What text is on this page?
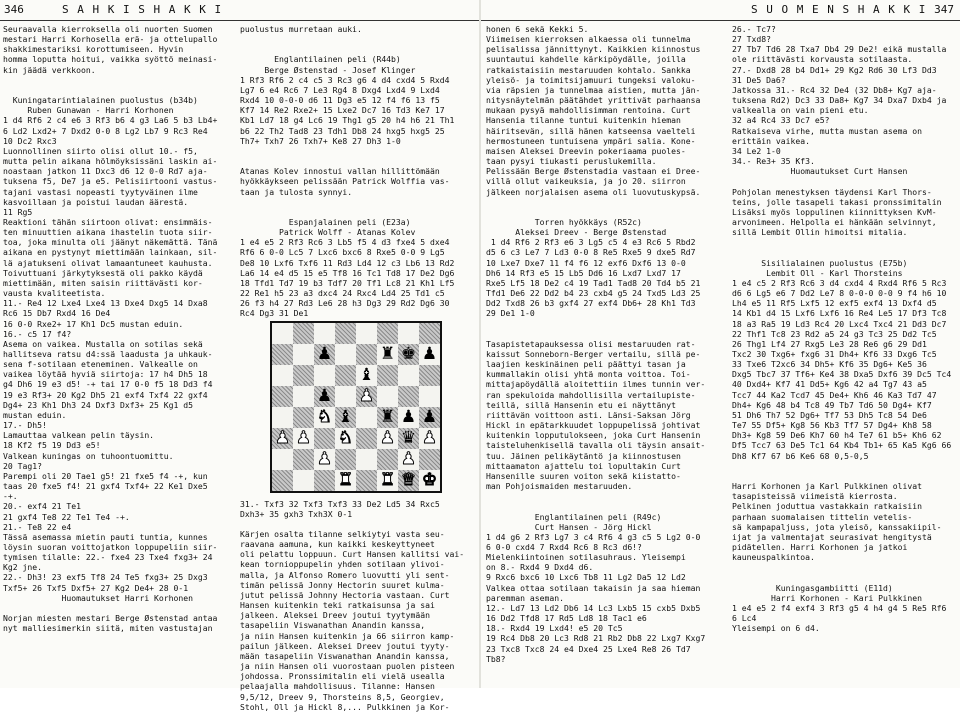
346	S A H K I S H A K K I

Seuraavalla kierroksella oli nuorten Suomen

mestari Harri Korhosella erä- ja ottelupallo

shakkimestariksi korottumiseen. Hyvin

homma loputta hoitui, vaikka syöttö meinasi-

kin jäädä verkkoon.

Kuningatarintialainen puolustus (b34b)

Ruben Gunawan - Harri Korhonen

1 d4 Rf6 2 c4 e6 3 Rf3 b6 4 g3 La6 5 b3 Lb4+

6 Ld2 Lxd2+ 7 Dxd2 0-0 8 Lg2 Lb7 9 Rc3 Re4

10 Dc2 Rxc3

Luonnollinen siirto olisi ollut 10.- f5,

mutta pelin aikana hölmöyksissäni laskin ai-

noastaan jatkon 11 Dxc3 d6 12 0-0 Rd7 aja-

tuksena f5, De7 ja e5. Pelisiirtooni vastus-

tajani vastasi nopeasti tyytyväinen ilme

kasvoillaan ja poistui laudan äärestä.

11 Rg5

Reaktioni tähän siirtoon olivat: ensimmäis-

ten minuuttien aikana ihastelin tuota siir-

toa, joka minulta oli jäänyt näkemättä. Tänä

aikana en pystynyt miettimään lainkaan, sil-

lä ajatukseni olivat lamaantuneet kauhusta.

Toivuttuani järkytyksestä oli pakko käydä

miettimään, miten saisin riittävästi kor-

vausta kvaliteetista.

11.- Re4 12 Lxe4 Lxe4 13 Dxe4 Dxg5 14 Dxa8

Rc6 15 Db7 Rxd4 16 De4

16 0-0 Rxe2+ 17 Kh1 Dc5 mustan eduin.

16.- c5 17 f4?

Asema on vaikea. Mustalla on sotilas sekä

hallitseva ratsu d4:ssä laadusta ja uhkauk-

sena f-sotilaan eteneminen. Valkealle on

vaikea löytää hyviä siirtoja: 17 h4 Dh5 18

g4 Dh6 19 e3 d5! -+ tai 17 0-0 f5 18 Dd3 f4

19 e3 Rf3+ 20 Kg2 Dh5 21 exf4 Txf4 22 gxf4

Dg4+ 23 Kh1 Dh3 24 Dxf3 Dxf3+ 25 Kg1 d5

mustan eduin.

17.- Dh5!

Lamauttaa valkean pelin täysin.

18 Kf2 f5 19 Dd3 e5!

Valkean kuningas on tuhoontuomittu.

20 Tag1?

Parempi oli 20 Tae1 g5! 21 fxe5 f4 -+, kun

taas 20 fxe5 f4! 21 gxf4 Txf4+ 22 Ke1 Dxe5

-+.

20.- exf4 21 Te1

21 gxf4 Te8 22 Te1 Te4 -+.

21.- Te8 22 e4

Tässä asemassa mietin pauti tuntia, kunnes

löysin suoran voittojatkon loppupeliin siir-

tymisen tilalle: 22.- fxe4 23 Txe4 fxg3+ 24

Kg2 jne.

22.- Dh3! 23 exf5 Tf8 24 Te5 fxg3+ 25 Dxg3

Txf5+ 26 Txf5 Dxf5+ 27 Kg2 De4+ 28 0-1

Huomautukset Harri Korhonen

Norjan miesten mestari Berge Østenstad antaa

nyt malliesimerkin siitä, miten vastustajan

puolustus murretaan auki.

Englantilainen peli (R44b)

Berge Østenstad - Josef Klinger

1 Rf3 Rf6 2 c4 c5 3 Rc3 g6 4 d4 cxd4 5 Rxd4

Lg7 6 e4 Rc6 7 Le3 Rg4 8 Dxg4 Lxd4 9 Lxd4

Rxd4 10 0-0-0 d6 11 Dg3 e5 12 f4 f6 13 f5

Kf7 14 Re2 Rxe2+ 15 Lxe2 Dc7 16 Td3 Ke7 17

Kb1 Ld7 18 g4 Lc6 19 Thg1 g5 20 h4 h6 21 Th1

b6 22 Th2 Tad8 23 Tdh1 Db8 24 hxg5 hxg5 25

Th7+ Txh7 26 Txh7+ Ke8 27 Dh3 1-0

Atanas Kolev innostui vallan hillittömään

hyökkäykseen pelissään Patrick Wolffia vas-

taan ja tulosta synnyi.

Espanjalainen peli (E23a)

Patrick Wolff - Atanas Kolev

1 e4 e5 2 Rf3 Rc6 3 Lb5 f5 4 d3 fxe4 5 dxe4

Rf6 6 0-0 Lc5 7 Lxc6 bxc6 8 Rxe5 0-0 9 Lg5

De8 10 Lxf6 Txf6 11 Rd3 Ld4 12 c3 Lb6 13 Rd2

La6 14 e4 d5 15 e5 Tf8 16 Tc1 Td8 17 De2 Dg6

18 Tfd1 Td7 19 b3 Tdf7 20 Tf1 Lc8 21 Kh1 Lf5

22 Re1 h5 23 a3 dxc4 24 Rxc4 Ld4 25 Td1 c5

26 f3 h4 27 Rd3 Le6 28 h3 Dg3 29 Rd2 Dg6 30

Rc4 Dg3 31 De1

♟	♜ ♚ ♟
♝
♟ ♟
♞ ♝ ♜ ♟ ♟
♟ ♟ ♞ ♟ ♛ ♟
♟	♟
♜ ♜ ♛ ♚

31.- Txf3 32 Txf3 Txf3 33 De2 Ld5 34 Rxc5

Dxh3+ 35 gxh3 Txh3X 0-1

Kärjen osalta tilanne selkiytyi vasta seu-

raavana aamuna, kun kaikki keskeyttyneet

oli pelattu loppuun. Curt Hansen kallitsi vai-

kean tornioppupelin yhden sotilaan ylivoi-

malla, ja Alfonso Romero luovutti yli sent-

timän pelissä Jonny Hectorin suuret kulma-

jutut pelissä Johnny Hectoria vastaan. Curt

Hansen kuitenkin teki ratkaisunsa ja sai

jalkeen. Aleksei Dreev joutui tyytymään

tasapeliin Viswanathan Anandin kanssa,

ja niin Hansen kuitenkin ja 66 siirron kamp-

pailun jälkeen. Aleksei Dreev joutui tyyty-

mään tasapeliin Viswanathan Anandin kanssa,

ja niin Hansen oli vuorostaan puolen pisteen

johdossa. Pronssimitalin eli vielä usealla

pelaajalla mahdollisuus. Tilanne: Hansen

9,5/12, Dreev 9, Thorsteins 8,5, Georgiev,

Stohl, Oll ja Hickl 8,... Pulkkinen ja Kor-

S U O M E N S H A K K I 347

honen 6 sekä Kekki 5.

Viimeisen kierroksen alkaessa oli tunnelma

pelisalissa jännittynyt. Kaikkien kiinnostus

suuntautui kahdelle kärkipöydälle, joilla

ratkaistaisiin mestaruuden kohtalo. Sankka

yleisö- ja toimitsijamuuri tungeksi valoku-

via räpsien ja tunnelmaa aistien, mutta jän-

nitysnäytelmän päätähdet yrittivät parhaansa

mukaan pysyä mahdollisimman rentoina. Curt

Hansenia tilanne tuntui kuitenkin hieman

häiritsevän, sillä hänen katseensa vaelteli

hermostuneen tuntuisena ympäri salia. Kone-

maisen Aleksei Dreevin pokeriaama puoles-

taan pysyi tiukasti peruslukemilla.

Pelissään Berge Østenstadia vastaan ei Dree-

villä ollut vaikeuksia, ja jo 20. siirron

jälkeen norjalaisen asema oli luovutuskypsä.

Torren hyökkäys (R52c)

Aleksei Dreev - Berge Østenstad

1 d4 Rf6 2 Rf3 e6 3 Lg5 c5 4 e3 Rc6 5 Rbd2

d5 6 c3 Le7 7 Ld3 0-0 8 Re5 Rxe5 9 dxe5 Rd7

10 Lxe7 Dxe7 11 f4 f6 12 exf6 Dxf6 13 0-0

Dh6 14 Rf3 e5 15 Lb5 Dd6 16 Lxd7 Lxd7 17

Rxe5 Lf5 18 De2 c4 19 Tad1 Tad8 20 Td4 b5 21

Tfd1 De6 22 Dd2 b4 23 cxb4 g5 24 Txd5 Ld3 25

Dd2 Txd8 26 b3 gxf4 27 exf4 Db6+ 28 Kh1 Td3

29 De1 1-0

Tasapistetapauksessa olisi mestaruuden rat-

kaissut Sonneborn-Berger vertailu, sillä pe-

laajien keskinäinen peli päättyi tasan ja

kummallakin olisi yhtä monta voittoa. Toi-

mittajapöydällä aloitettiin ilmes tunnin ver-

ran spekuloida mahdollisilla vertailupiste-

teillä, sillä Hansenin etu ei näyttänyt

riittävän voittoon asti. Länsi-Saksan Jörg

Hickl in epätarkkuudet loppupelissä johtivat

kuitenkin lopputulokseen, joka Curt Hansenin

taisteluhenkisellä tavalla oli täysin ansait-

tuu. Jäinen pelikäytäntö ja kiinnostusen

mittaamaton ajattelu toi lopultakin Curt

Hansenille suuren voiton sekä kiistatto-

man Pohjoismaiden mestaruuden.

Englantilainen peli (R49c)

Curt Hansen - Jörg Hickl

1 d4 g6 2 Rf3 Lg7 3 c4 Rf6 4 g3 c5 5 Lg2 0-0

6 0-0 cxd4 7 Rxd4 Rc6 8 Rc3 d6!?

Mielenkiintoinen sotilasuhraus. Yleisempi

on 8.- Rxd4 9 Dxd4 d6.

9 Rxc6 bxc6 10 Lxc6 Tb8 11 Lg2 Da5 12 Ld2

Valkea ottaa sotilaan takaisin ja saa hieman

paremman aseman.

12.- Ld7 13 Ld2 Db6 14 Lc3 Lxb5 15 cxb5 Dxb5

16 Dd2 Tfd8 17 Rd5 Ld8 18 Tac1 e6

18.- Rxd4 19 Lxd4! e5 20 Tc5

19 Rc4 Db8 20 Lc3 Rd8 21 Rb2 Db8 22 Lxg7 Kxg7

23 Txc8 Txc8 24 e4 Dxe4 25 Lxe4 Re8 26 Td7

Tb8?

26.- Tc7?

27 Txd8?

27 Tb7 Td6 28 Txa7 Db4 29 De2! eikä mustalla

ole riittävästi korvausta sotilaasta.

27.- Dxd8 28 b4 Dd1+ 29 Kg2 Rd6 30 Lf3 Dd3

31 De5 Da6?

Jatkossa 31.- Rc4 32 De4 (32 Db8+ Kg7 aja-

tuksena Rd2) Dc3 33 Da8+ Kg7 34 Dxa7 Dxb4 ja

valkealla on vain pieni etu.

32 a4 Rc4 33 Dc7 e5?

Ratkaiseva virhe, mutta mustan asema on

erittäin vaikea.

34 Le2 1-0

34.- Re3+ 35 Kf3.

Huomautukset Curt Hansen

Pohjolan menestyksen täydensi Karl Thors-

teins, jolle tasapeli takasi pronssimitalin

Lisäksi myös loppulinen kiinnittyksen KvM-

arvonimeen. Helpolla ei hänkään selvinnyt,

sillä Lembit Ollin himoitsi mitalia.

Sisilialainen puolustus (E75b)

Lembit Oll - Karl Thorsteins

1 e4 c5 2 Rf3 Rc6 3 d4 cxd4 4 Rxd4 Rf6 5 Rc3

d6 6 Lg5 e6 7 Dd2 Le7 8 0-0-0 0-0 9 f4 h6 10

Lh4 e5 11 Rf5 Lxf5 12 exf5 exf4 13 Dxf4 d5

14 Kb1 d4 15 Lxf6 Lxf6 16 Re4 Le5 17 Df3 Tc8

18 a3 Ra5 19 Ld3 Rc4 20 Lxc4 Txc4 21 Dd3 Dc7

22 Thf1 Tc8 23 Rd2 a5 24 g3 Tc3 25 Dd2 Tc5

26 Thg1 Lf4 27 Rxg5 Le3 28 Re6 g6 29 Dd1

Txc2 30 Txg6+ fxg6 31 Dh4+ Kf6 33 Dxg6 Tc5

33 Txe6 T2xc6 34 Dh5+ Kf6 35 Dg6+ Ke5 36

Dxg5 Tbc7 37 Tf6+ Ke4 38 Dxa5 Dxf6 39 Dc5 Tc4

40 Dxd4+ Kf7 41 Dd5+ Kg6 42 a4 Tg7 43 a5

Tcc7 44 Ka2 Tcd7 45 De4+ Kh6 46 Ka3 Td7 47

Dh4+ Kg6 48 b4 Tc8 49 Tb7 Td6 50 Dg4+ Kf7

51 Dh6 Th7 52 Dg6+ Tf7 53 Dh5 Tc8 54 De6

Te7 55 Df5+ Kg8 56 Kb3 Tf7 57 Dg4+ Kh8 58

Dh3+ Kg8 59 De6 Kh7 60 h4 Te7 61 b5+ Kh6 62

Df5 Tcc7 63 De5 Tc1 64 Kb4 Tb1+ 65 Ka5 Kg6 66

Dh8 Kf7 67 b6 Ke6 68 0,5-0,5

Harri Korhonen ja Karl Pulkkinen olivat

tasapisteissä viimeistä kierrosta.

Pelkinen joduttua vastakkain ratkaisiin

parhaan suomalaisen tittelin vetelis-

sä kampapaljuss, jota yleisö, kanssakiipil-

ijat ja valmentajat seurasivat hengitystä

pidätellen. Harri Korhonen ja jatkoi

kauneuspalkintoa.

Kuningasgambiitti (E11d)

Harri Korhonen - Kari Pulkkinen

1 e4 e5 2 f4 exf4 3 Rf3 g5 4 h4 g4 5 Re5 Rf6

6 Lc4

Yleisempi on 6 d4.
